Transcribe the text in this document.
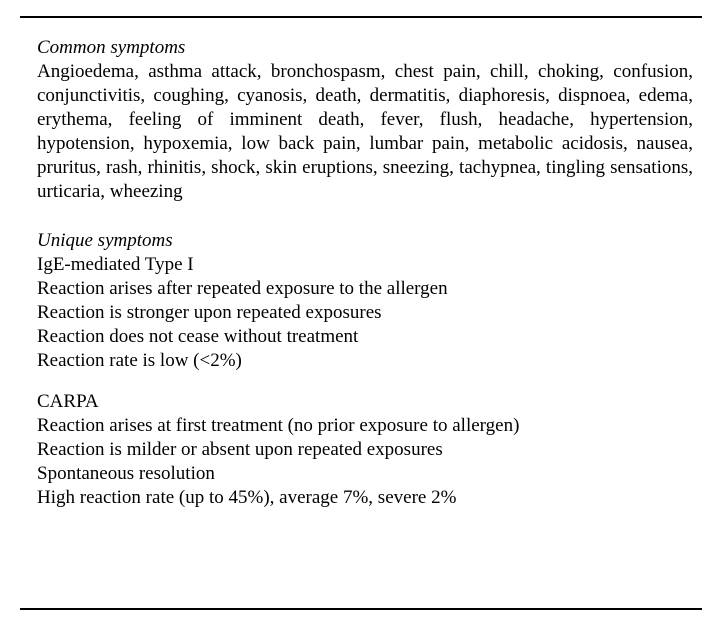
Common symptoms
Angioedema, asthma attack, bronchospasm, chest pain, chill, choking, confusion, conjunctivitis, coughing, cyanosis, death, dermatitis, diaphoresis, dispnoea, edema, erythema, feeling of imminent death, fever, flush, headache, hypertension, hypotension, hypoxemia, low back pain, lumbar pain, metabolic acidosis, nausea, pruritus, rash, rhinitis, shock, skin eruptions, sneezing, tachypnea, tingling sensations, urticaria, wheezing
Unique symptoms
IgE-mediated Type I
Reaction arises after repeated exposure to the allergen
Reaction is stronger upon repeated exposures
Reaction does not cease without treatment
Reaction rate is low (<2%)
CARPA
Reaction arises at first treatment (no prior exposure to allergen)
Reaction is milder or absent upon repeated exposures
Spontaneous resolution
High reaction rate (up to 45%), average 7%, severe 2%
